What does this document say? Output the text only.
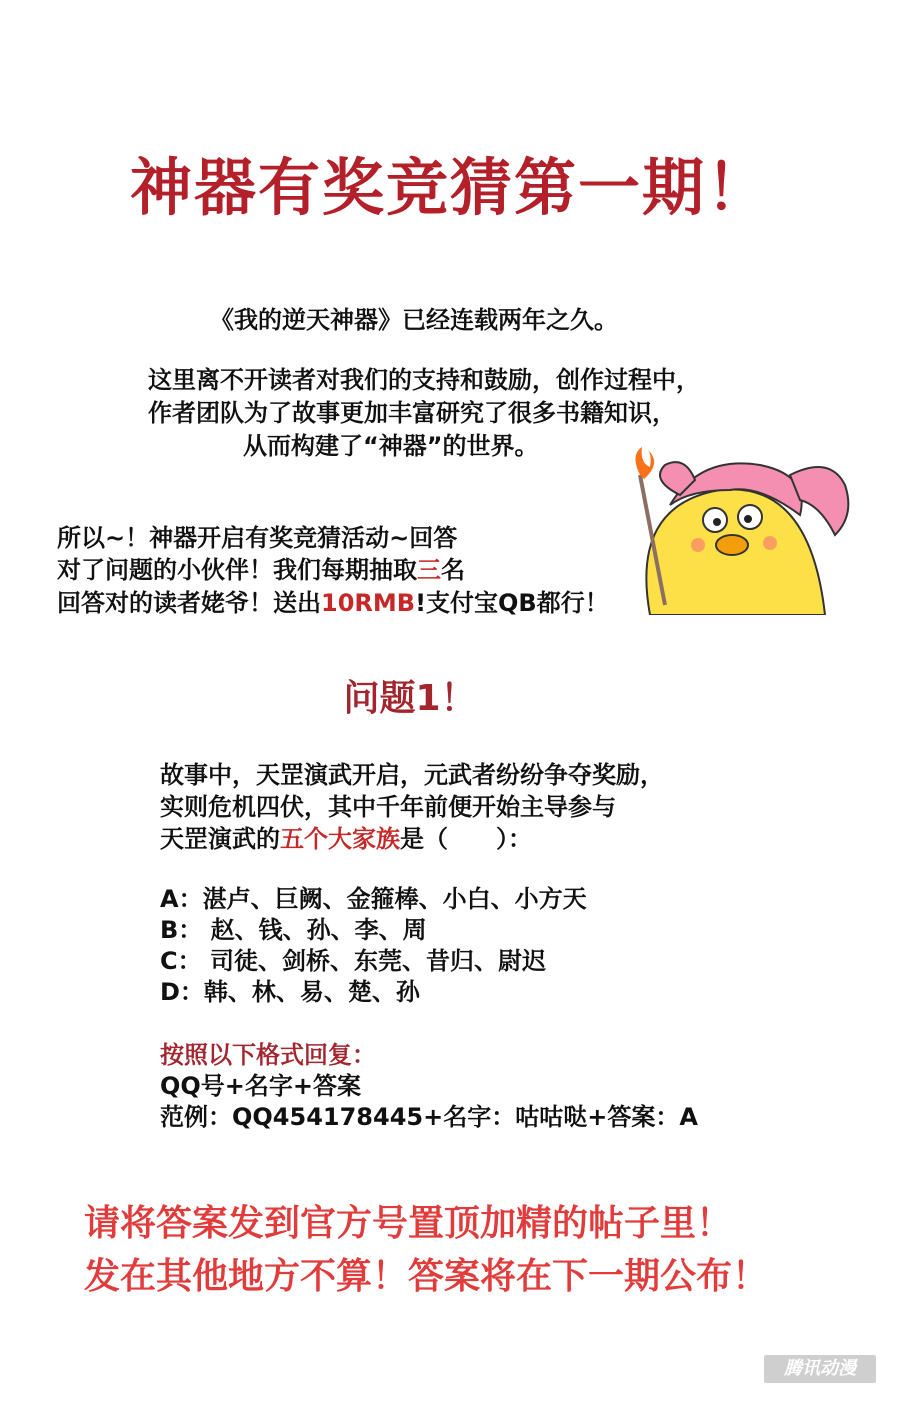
神器有奖竞猜第一期！
《我的逆天神器》已经连载两年之久。
这里离不开读者对我们的支持和鼓励，创作过程中，
作者团队为了故事更加丰富研究了很多书籍知识，
从而构建了“神器”的世界。
所以~！神器开启有奖竞猜活动~回答
对了问题的小伙伴！我们每期抽取三名
回答对的读者姥爷！送出10RMB!支付宝QB都行！
问题1！
故事中，天罡演武开启，元武者纷纷争夺奖励，
实则危机四伏，其中千年前便开始主导参与
天罡演武的五个大家族是（　　）：
A：湛卢、巨阙、金箍棒、小白、小方天
B： 赵、钱、孙、李、周
C： 司徒、剑桥、东莞、昔归、尉迟
D：韩、林、易、楚、孙
按照以下格式回复：
QQ号+名字+答案
范例：QQ454178445+名字：咕咕哒+答案：A
请将答案发到官方号置顶加精的帖子里！
发在其他地方不算！答案将在下一期公布！
腾讯动漫
